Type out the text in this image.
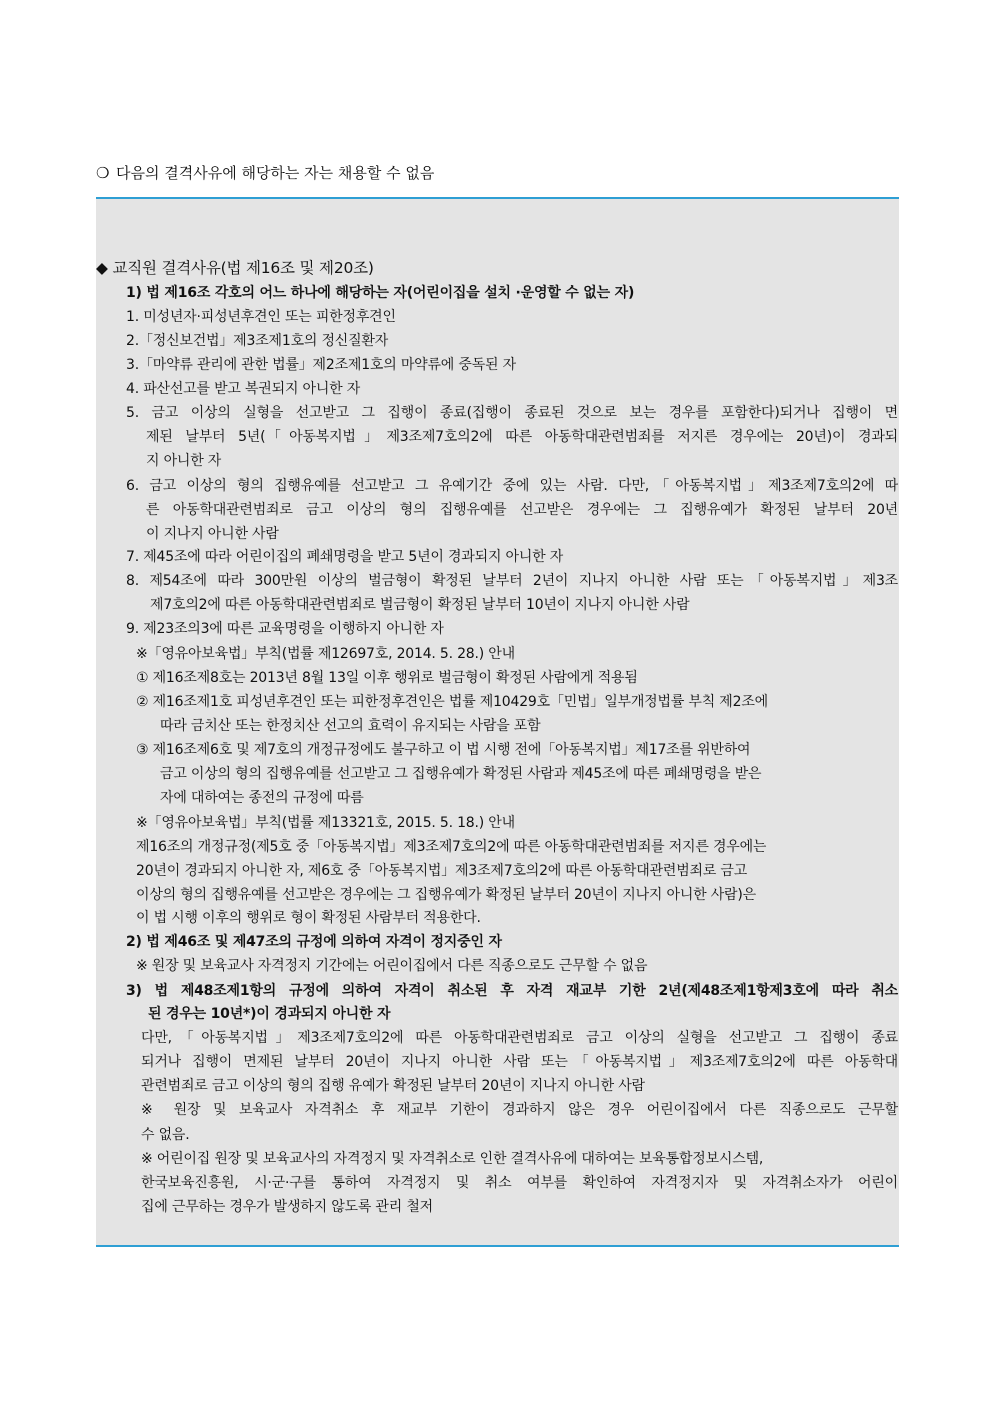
❍ 다음의 결격사유에 해당하는 자는 채용할 수 없음
◆ 교직원 결격사유(법 제16조 및 제20조)
1) 법 제16조 각호의 어느 하나에 해당하는 자(어린이집을 설치 ·운영할 수 없는 자)
1. 미성년자·피성년후견인 또는 피한정후견인
2.「정신보건법」제3조제1호의 정신질환자
3.「마약류 관리에 관한 법률」제2조제1호의 마약류에 중독된 자
4. 파산선고를 받고 복권되지 아니한 자
5. 금고 이상의 실형을 선고받고 그 집행이 종료(집행이 종료된 것으로 보는 경우를 포함한다)되거나 집행이 면
제된 날부터 5년(「아동복지법」제3조제7호의2에 따른 아동학대관련범죄를 저지른 경우에는 20년)이 경과되
지 아니한 자
6. 금고 이상의 형의 집행유예를 선고받고 그 유예기간 중에 있는 사람. 다만,「아동복지법」제3조제7호의2에 따
른 아동학대관련범죄로 금고 이상의 형의 집행유예를 선고받은 경우에는 그 집행유예가 확정된 날부터 20년
이 지나지 아니한 사람
7. 제45조에 따라 어린이집의 폐쇄명령을 받고 5년이 경과되지 아니한 자
8. 제54조에 따라 300만원 이상의 벌금형이 확정된 날부터 2년이 지나지 아니한 사람 또는「아동복지법」제3조
제7호의2에 따른 아동학대관련범죄로 벌금형이 확정된 날부터 10년이 지나지 아니한 사람
9. 제23조의3에 따른 교육명령을 이행하지 아니한 자
※「영유아보육법」부칙(법률 제12697호, 2014. 5. 28.) 안내
① 제16조제8호는 2013년 8월 13일 이후 행위로 벌금형이 확정된 사람에게 적용됨
② 제16조제1호 피성년후견인 또는 피한정후견인은 법률 제10429호「민법」일부개정법률 부칙 제2조에
따라 금치산 또는 한정치산 선고의 효력이 유지되는 사람을 포함
③ 제16조제6호 및 제7호의 개정규정에도 불구하고 이 법 시행 전에「아동복지법」제17조를 위반하여
금고 이상의 형의 집행유예를 선고받고 그 집행유예가 확정된 사람과 제45조에 따른 폐쇄명령을 받은
자에 대하여는 종전의 규정에 따름
※「영유아보육법」부칙(법률 제13321호, 2015. 5. 18.) 안내
제16조의 개정규정(제5호 중「아동복지법」제3조제7호의2에 따른 아동학대관련범죄를 저지른 경우에는
20년이 경과되지 아니한 자, 제6호 중「아동복지법」제3조제7호의2에 따른 아동학대관련범죄로 금고
이상의 형의 집행유예를 선고받은 경우에는 그 집행유예가 확정된 날부터 20년이 지나지 아니한 사람)은
이 법 시행 이후의 행위로 형이 확정된 사람부터 적용한다.
2) 법 제46조 및 제47조의 규정에 의하여 자격이 정지중인 자
※ 원장 및 보육교사 자격정지 기간에는 어린이집에서 다른 직종으로도 근무할 수 없음
3) 법 제48조제1항의 규정에 의하여 자격이 취소된 후 자격 재교부 기한 2년(제48조제1항제3호에 따라 취소
된 경우는 10년*)이 경과되지 아니한 자
다만,「아동복지법」제3조제7호의2에 따른 아동학대관련범죄로 금고 이상의 실형을 선고받고 그 집행이 종료
되거나 집행이 면제된 날부터 20년이 지나지 아니한 사람 또는「아동복지법」제3조제7호의2에 따른 아동학대
관련범죄로 금고 이상의 형의 집행 유예가 확정된 날부터 20년이 지나지 아니한 사람
※ 원장 및 보육교사 자격취소 후 재교부 기한이 경과하지 않은 경우 어린이집에서 다른 직종으로도 근무할
수 없음.
※ 어린이집 원장 및 보육교사의 자격정지 및 자격취소로 인한 결격사유에 대하여는 보육통합정보시스템,
한국보육진흥원, 시·군·구를 통하여 자격정지 및 취소 여부를 확인하여 자격정지자 및 자격취소자가 어린이
집에 근무하는 경우가 발생하지 않도록 관리 철저
